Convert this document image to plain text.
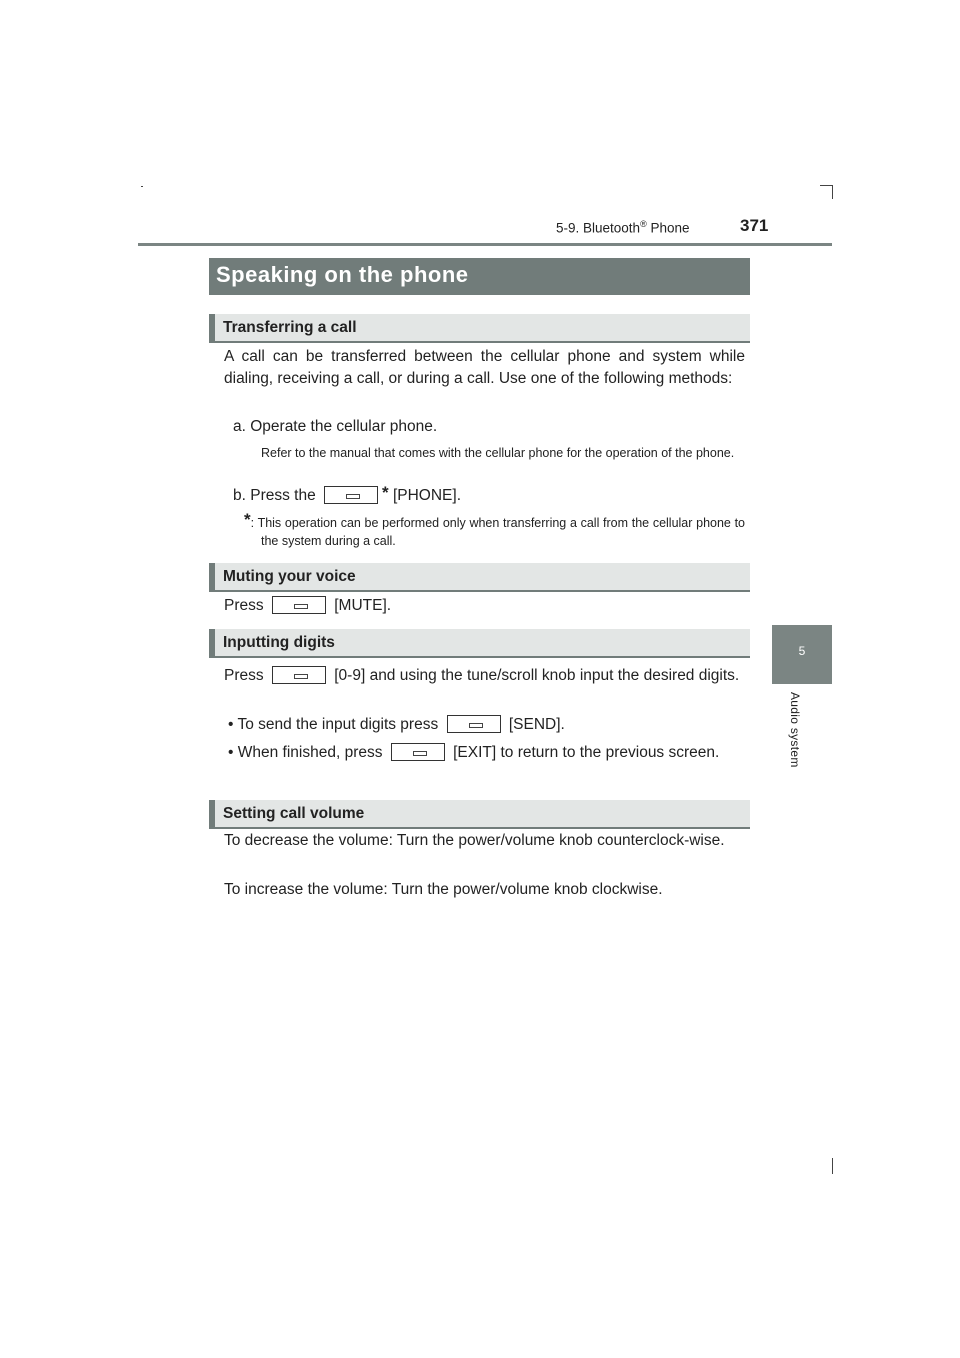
5-9. Bluetooth® Phone	371
5
Audio system
Speaking on the phone
Transferring a call
A call can be transferred between the cellular phone and system while dialing, receiving a call, or during a call. Use one of the following methods:
a. Operate the cellular phone.
Refer to the manual that comes with the cellular phone for the operation of the phone.
b. Press the	* [PHONE].
*: This operation can be performed only when transferring a call from the cellular phone to the system during a call.
Muting your voice
Press	[MUTE].
Inputting digits
Press	[0-9] and using the tune/scroll knob input the desired digits.
• To send the input digits press	[SEND].
• When finished, press	[EXIT] to return to the previous screen.
Setting call volume
To decrease the volume: Turn the power/volume knob counterclock-wise.
To increase the volume: Turn the power/volume knob clockwise.
